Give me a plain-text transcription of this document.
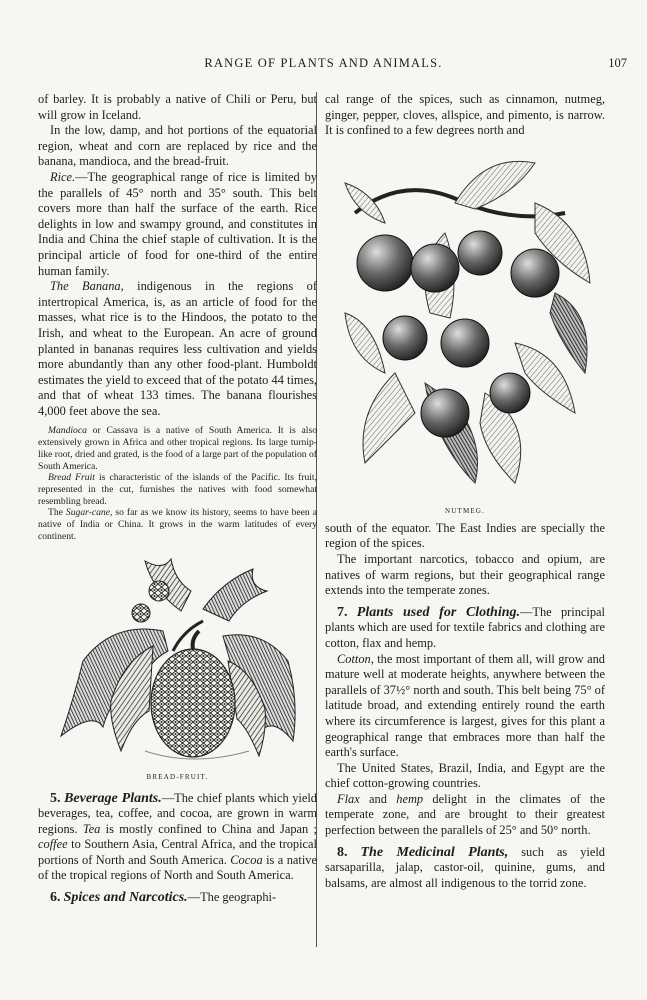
RANGE OF PLANTS AND ANIMALS.	107

of barley. It is probably a native of Chili or Peru, but will grow in Iceland.

In the low, damp, and hot portions of the equatorial region, wheat and corn are replaced by rice and the banana, mandioca, and the bread-fruit.

Rice.—The geographical range of rice is limited by the parallels of 45° north and 35° south. This belt covers more than half the surface of the earth. Rice delights in low and swampy ground, and constitutes in India and China the chief staple of cultivation. It is the principal article of food for one-third of the entire human family.

The Banana, indigenous in the regions of intertropical America, is, as an article of food for the masses, what rice is to the Hindoos, the potato to the Irish, and wheat to the European. An acre of ground planted in bananas requires less cultivation and yields more abundantly than any other food-plant. Humboldt estimates the yield to exceed that of the potato 44 times, and that of wheat 133 times. The banana flourishes 4,000 feet above the sea.

Mandioca or Cassava is a native of South America. It is also extensively grown in Africa and other tropical regions. Its large turnip-like root, dried and grated, is the food of a large part of the population of South America.

Bread Fruit is characteristic of the islands of the Pacific. Its fruit, represented in the cut, furnishes the natives with food somewhat resembling bread.

The Sugar-cane, so far as we know its history, seems to have been a native of India or China. It grows in the warm latitudes of every continent.

BREAD-FRUIT.

5. Beverage Plants.—The chief plants which yield beverages, tea, coffee, and cocoa, are grown in warm regions. Tea is mostly confined to China and Japan ; coffee to Southern Asia, Central Africa, and the tropical portions of North and South America. Cocoa is a native of the tropical regions of North and South America.

6. Spices and Narcotics.—The geographi-

cal range of the spices, such as cinnamon, nutmeg, ginger, pepper, cloves, allspice, and pimento, is narrow. It is confined to a few degrees north and

NUTMEG.

south of the equator. The East Indies are specially the region of the spices.

The important narcotics, tobacco and opium, are natives of warm regions, but their geographical range extends into the temperate zones.

7. Plants used for Clothing.—The principal plants which are used for textile fabrics and clothing are cotton, flax and hemp.

Cotton, the most important of them all, will grow and mature well at moderate heights, anywhere between the parallels of 37½° north and south. This belt being 75° of latitude broad, and extending entirely round the earth where its circumference is largest, gives for this plant a geographical range that embraces more than half the earth's surface.

The United States, Brazil, India, and Egypt are the chief cotton-growing countries.

Flax and hemp delight in the climates of the temperate zone, and are brought to their greatest perfection between the parallels of 25° and 50° north.

8. The Medicinal Plants, such as yield sarsaparilla, jalap, castor-oil, quinine, gums, and balsams, are almost all indigenous to the torrid zone.
